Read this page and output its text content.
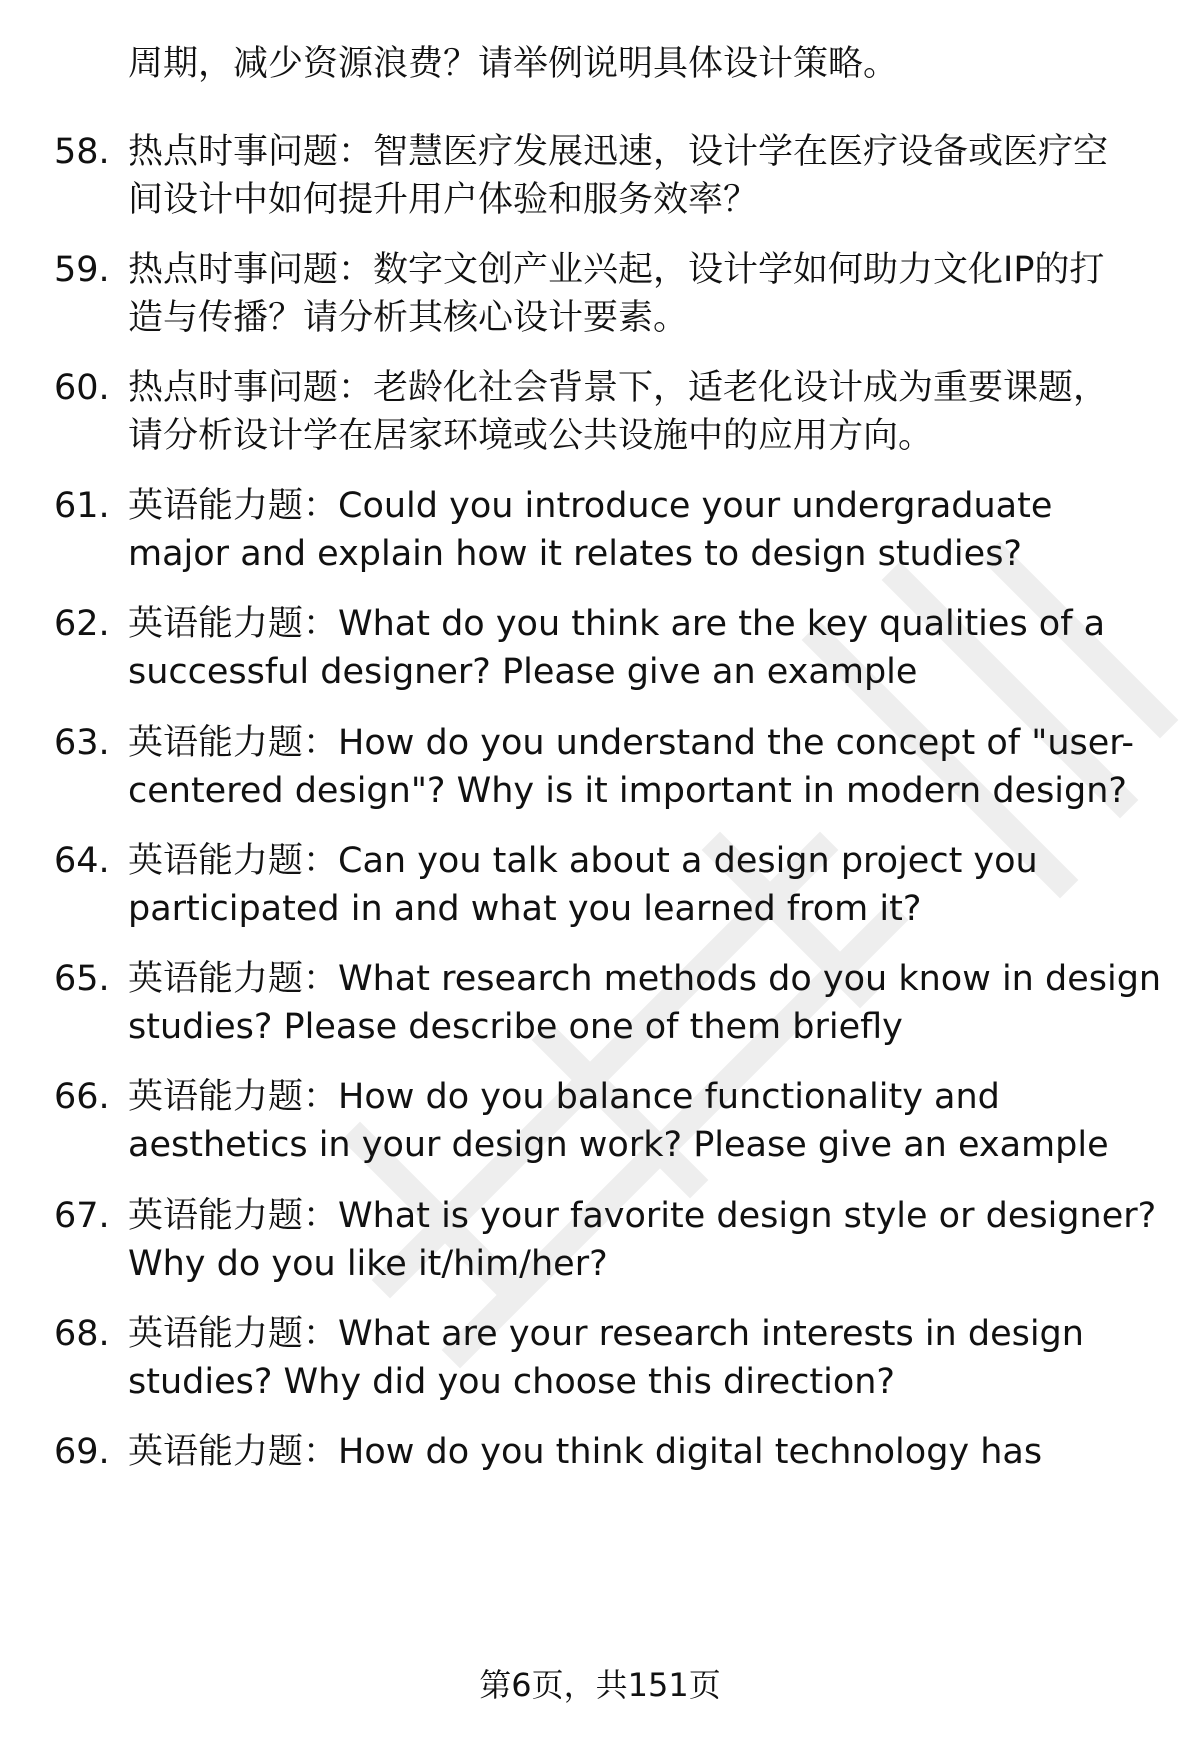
周期，减少资源浪费？请举例说明具体设计策略。
58. 热点时事问题：智慧医疗发展迅速，设计学在医疗设备或医疗空
间设计中如何提升用户体验和服务效率？
59. 热点时事问题：数字文创产业兴起，设计学如何助力文化IP的打
造与传播？请分析其核心设计要素。
60. 热点时事问题：老龄化社会背景下，适老化设计成为重要课题，
请分析设计学在居家环境或公共设施中的应用方向。
61. 英语能力题：Could you introduce your undergraduate
major and explain how it relates to design studies?
62. 英语能力题：What do you think are the key qualities of a
successful designer? Please give an example
63. 英语能力题：How do you understand the concept of "user-
centered design"? Why is it important in modern design?
64. 英语能力题：Can you talk about a design project you
participated in and what you learned from it?
65. 英语能力题：What research methods do you know in design
studies? Please describe one of them briefly
66. 英语能力题：How do you balance functionality and
aesthetics in your design work? Please give an example
67. 英语能力题：What is your favorite design style or designer?
Why do you like it/him/her?
68. 英语能力题：What are your research interests in design
studies? Why did you choose this direction?
69. 英语能力题：How do you think digital technology has
第6页，共151页
